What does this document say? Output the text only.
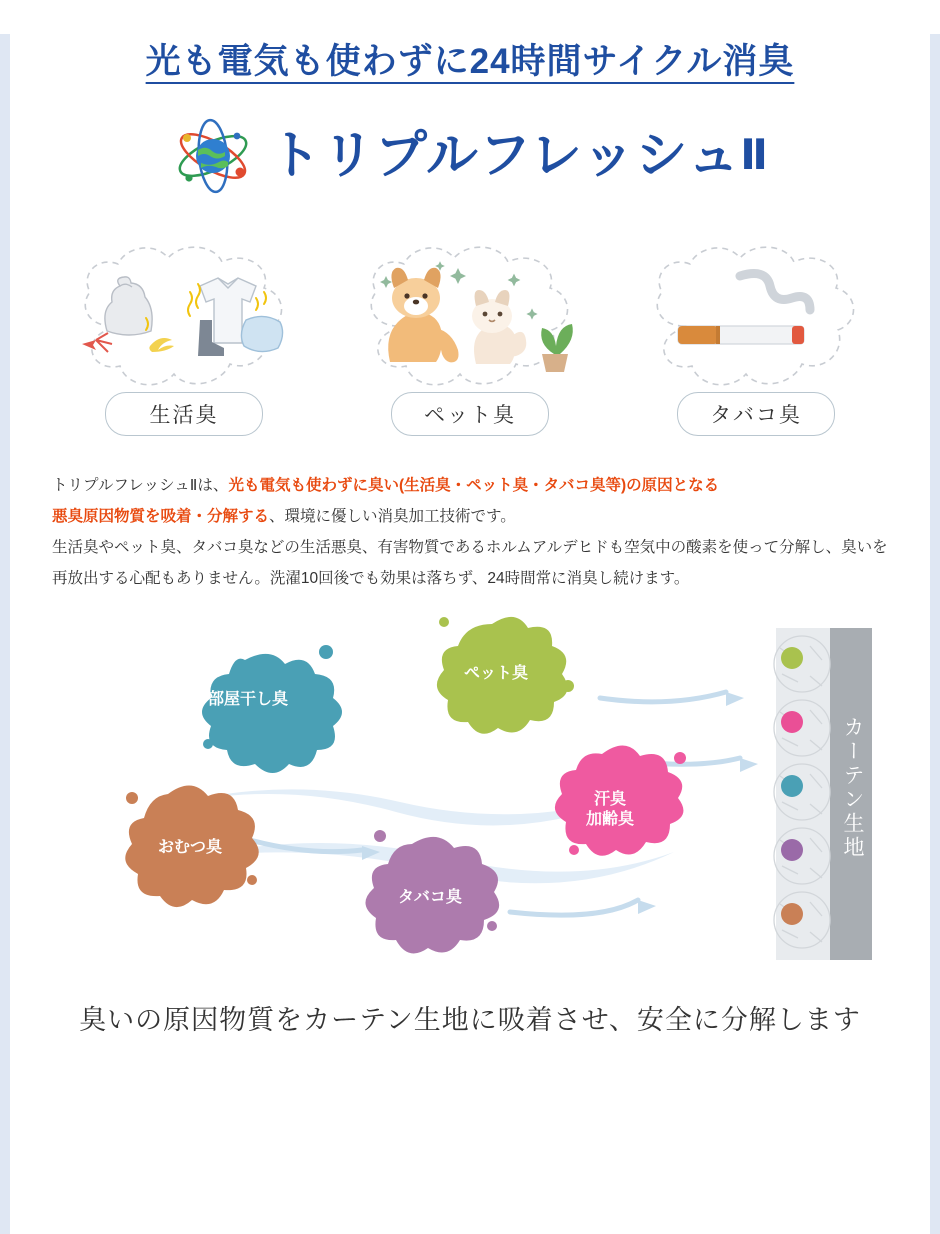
光も電気も使わずに24時間サイクル消臭
トリプルフレッシュⅡ
生活臭	ペット臭	タバコ臭

トリプルフレッシュⅡは、光も電気も使わずに臭い(生活臭・ペット臭・タバコ臭等)の原因となる
悪臭原因物質を吸着・分解する、環境に優しい消臭加工技術です。

生活臭やペット臭、タバコ臭などの生活悪臭、有害物質であるホルムアルデヒドも空気中の酸素を使って分解し、臭いを再放出する心配もありません。洗濯10回後でも効果は落ちず、24時間常に消臭し続けます。

部屋干し臭
ペット臭
おむつ臭
タバコ臭
汗臭
加齢臭	カーテン生地
臭いの原因物質をカーテン生地に吸着させ、安全に分解します
